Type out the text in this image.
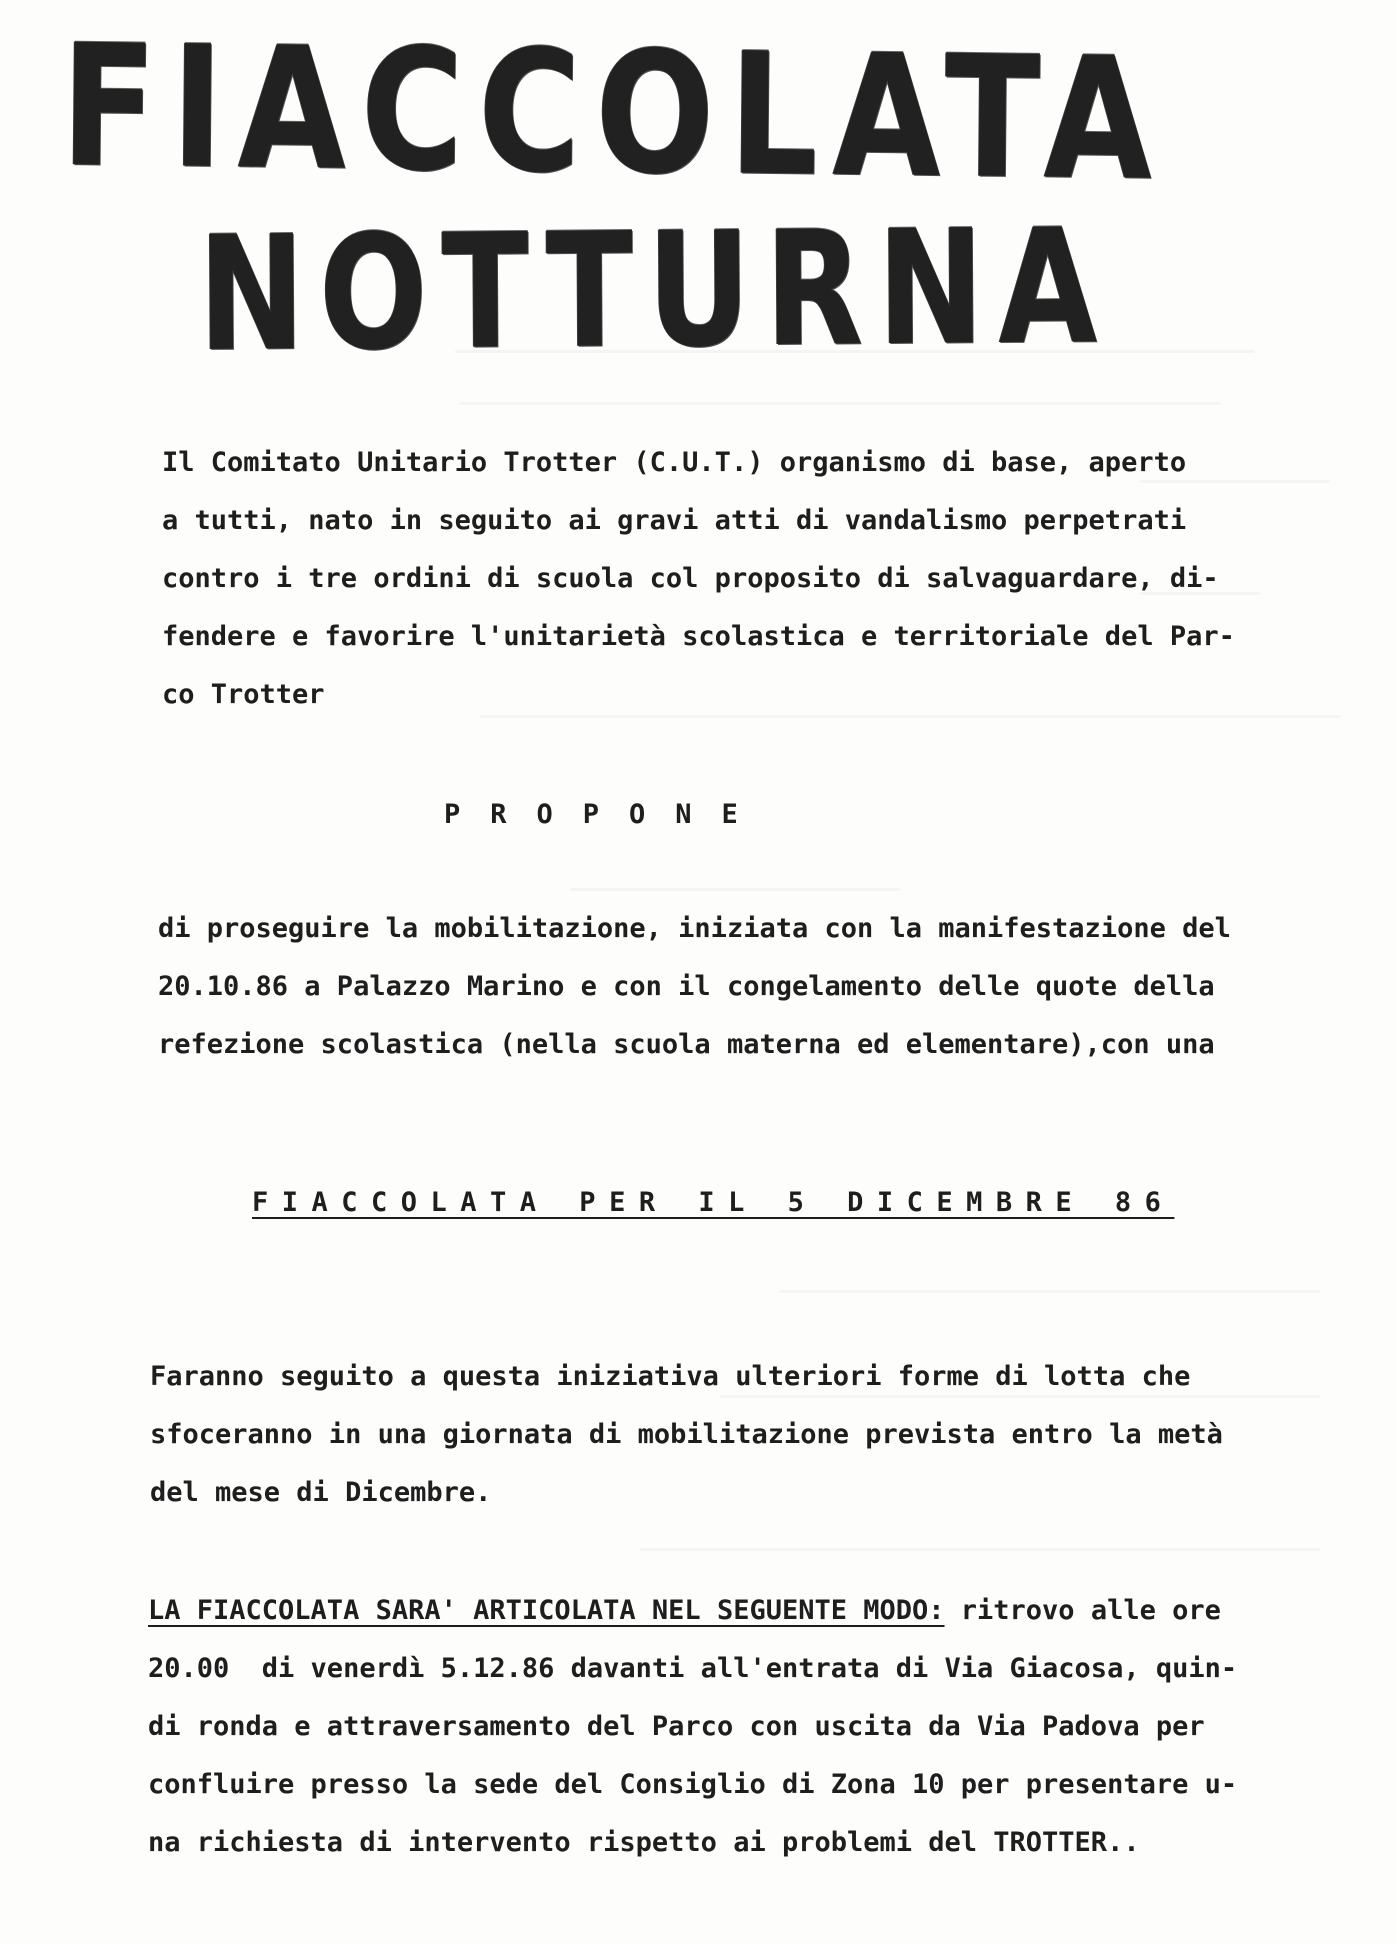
FIACCOLATA
NOTTURNA
Il Comitato Unitario Trotter (C.U.T.) organismo di base, aperto
a tutti, nato in seguito ai gravi atti di vandalismo perpetrati
contro i tre ordini di scuola col proposito di salvaguardare, di-
fendere e favorire l'unitarietà scolastica e territoriale del Par-
co Trotter
PROPONE
di proseguire la mobilitazione, iniziata con la manifestazione del
20.10.86 a Palazzo Marino e con il congelamento delle quote della
refezione scolastica (nella scuola materna ed elementare),con una
FIACCOLATA PER IL 5 DICEMBRE 86
Faranno seguito a questa iniziativa ulteriori forme di lotta che
sfoceranno in una giornata di mobilitazione prevista entro la metà
del mese di Dicembre.
LA FIACCOLATA SARA' ARTICOLATA NEL SEGUENTE MODO: ritrovo alle ore
20.00  di venerdì 5.12.86 davanti all'entrata di Via Giacosa, quin-
di ronda e attraversamento del Parco con uscita da Via Padova per
confluire presso la sede del Consiglio di Zona 10 per presentare u-
na richiesta di intervento rispetto ai problemi del TROTTER..
